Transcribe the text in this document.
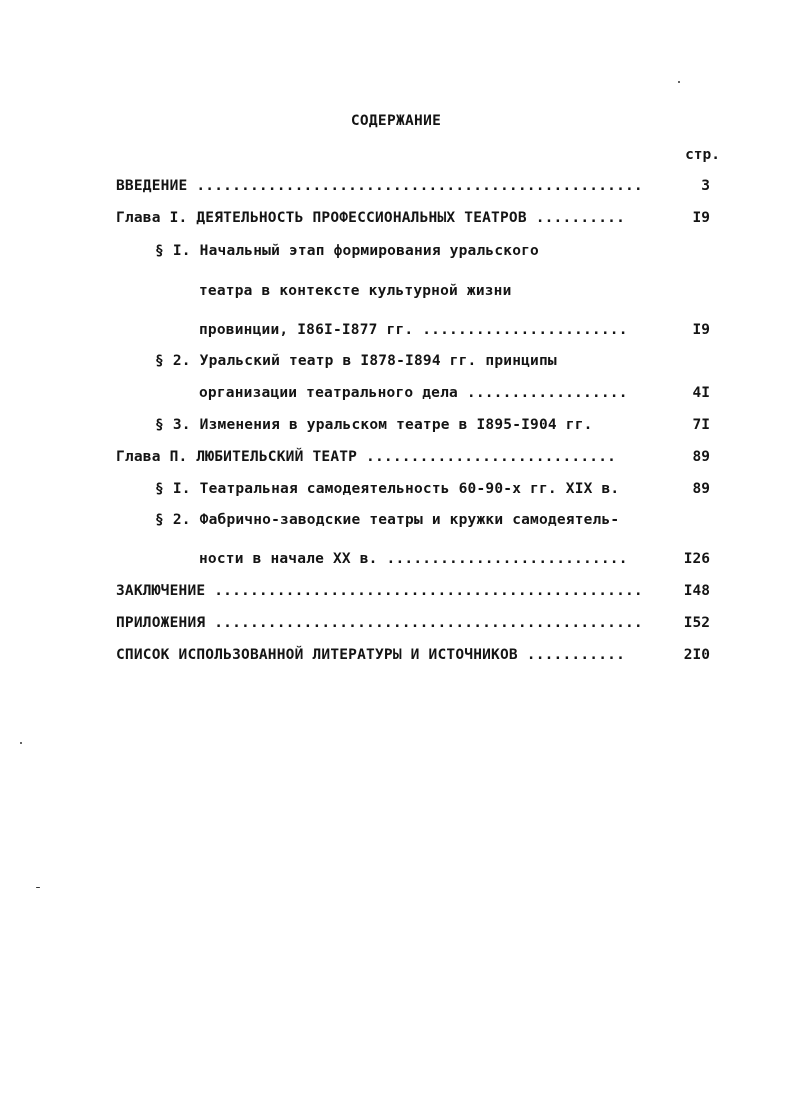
СОДЕРЖАНИЕ
стр.
ВВЕДЕНИЕ ..................................................	3
Глава I. ДЕЯТЕЛЬНОСТЬ ПРОФЕССИОНАЛЬНЫХ ТЕАТРОВ ..........	I9
§ I. Начальный этап формирования уральского
театра в контексте культурной жизни
провинции, I86I-I877 гг. .......................	I9
§ 2. Уральский театр в I878-I894 гг. принципы
организации театрального дела ..................	4I
§ 3. Изменения в уральском театре в I895-I904 гг.	7I
Глава П. ЛЮБИТЕЛЬСКИЙ ТЕАТР ............................	89
§ I. Театральная самодеятельность 60-90-х гг. XIX в.	89
§ 2. Фабрично-заводские театры и кружки самодеятель-
ности в начале XX в. ...........................	I26
ЗАКЛЮЧЕНИЕ ................................................	I48
ПРИЛОЖЕНИЯ ................................................	I52
СПИСОК ИСПОЛЬЗОВАННОЙ ЛИТЕРАТУРЫ И ИСТОЧНИКОВ ...........	2I0
